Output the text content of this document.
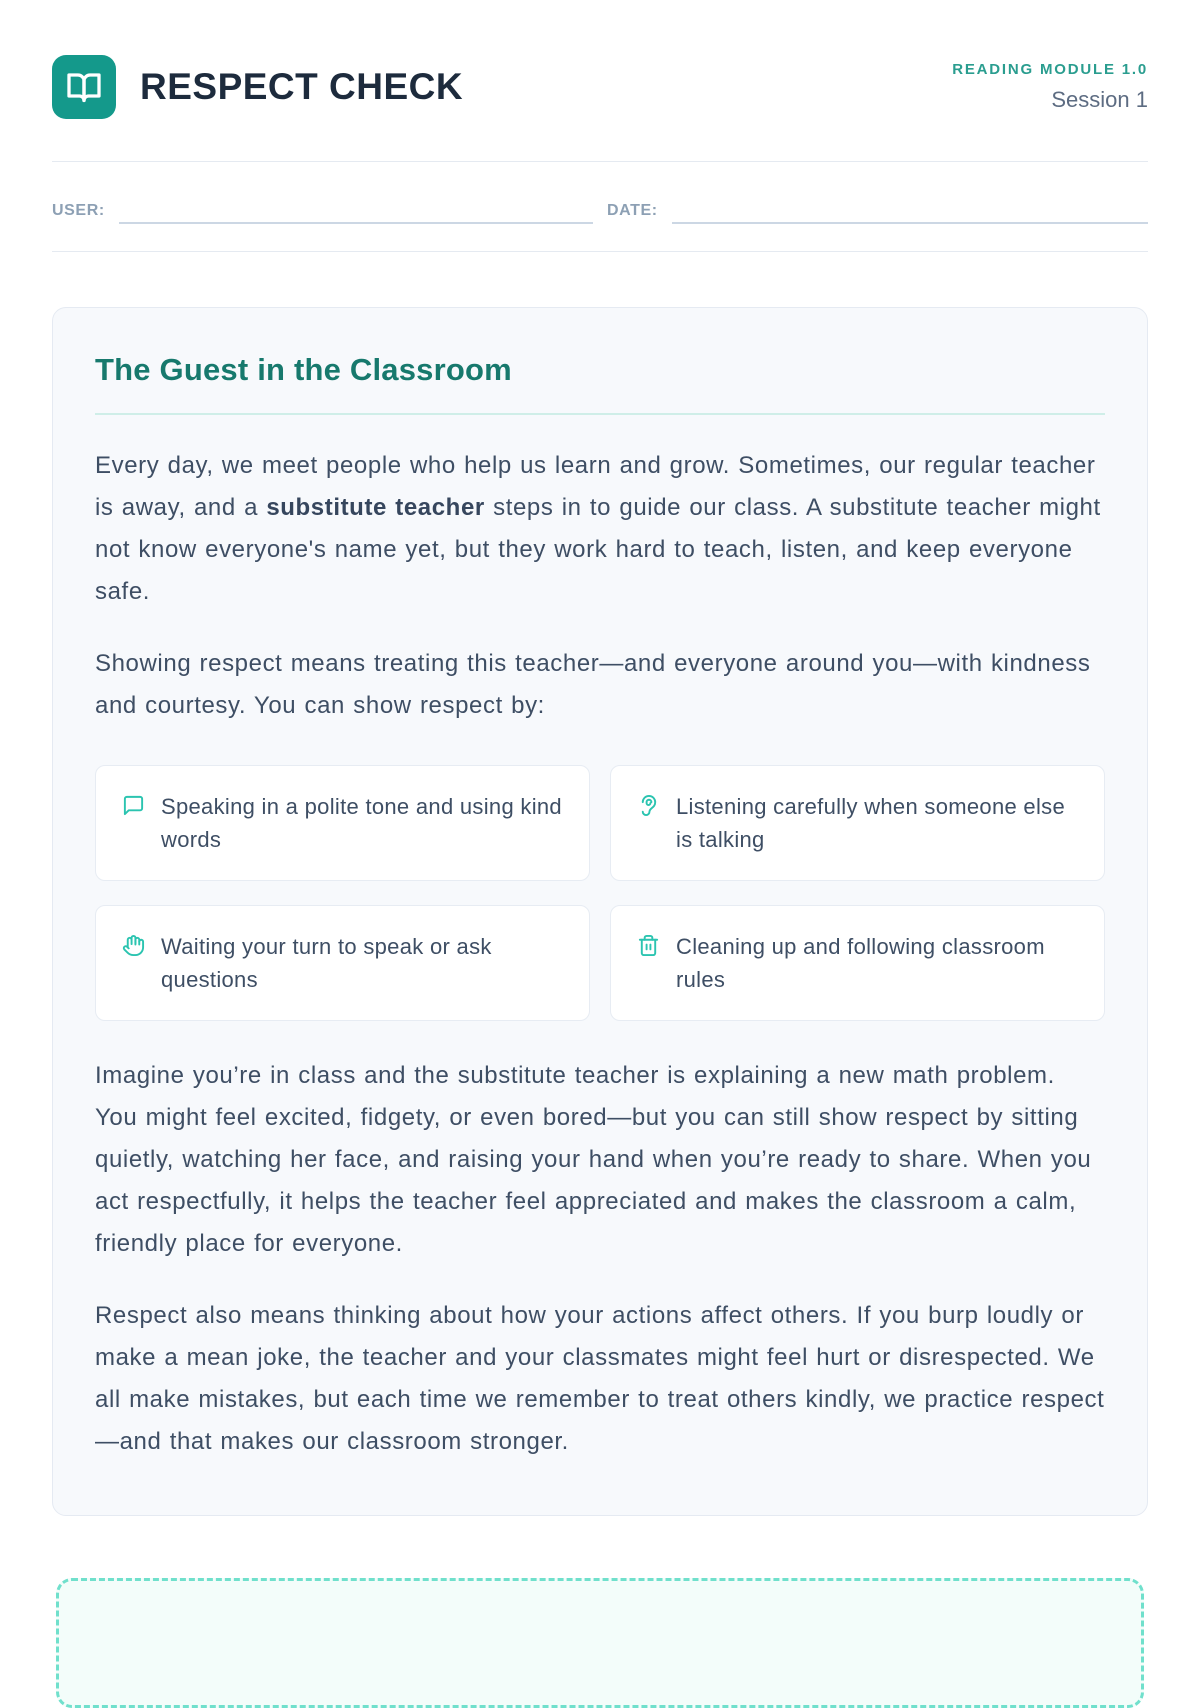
RESPECT CHECK	READING MODULE 1.0
Session 1
USER:	DATE:
The Guest in the Classroom

Every day, we meet people who help us learn and grow. Sometimes, our regular teacher is away, and a substitute teacher steps in to guide our class. A substitute teacher might not know everyone's name yet, but they work hard to teach, listen, and keep everyone safe.

Showing respect means treating this teacher—and everyone around you—with kindness and courtesy. You can show respect by:

Speaking in a polite tone and using kind words
Listening carefully when someone else is talking
Waiting your turn to speak or ask questions
Cleaning up and following classroom rules

Imagine you’re in class and the substitute teacher is explaining a new math problem. You might feel excited, fidgety, or even bored—but you can still show respect by sitting quietly, watching her face, and raising your hand when you’re ready to share. When you act respectfully, it helps the teacher feel appreciated and makes the classroom a calm, friendly place for everyone.

Respect also means thinking about how your actions affect others. If you burp loudly or make a mean joke, the teacher and your classmates might feel hurt or disrespected. We all make mistakes, but each time we remember to treat others kindly, we practice respect—and that makes our classroom stronger.
